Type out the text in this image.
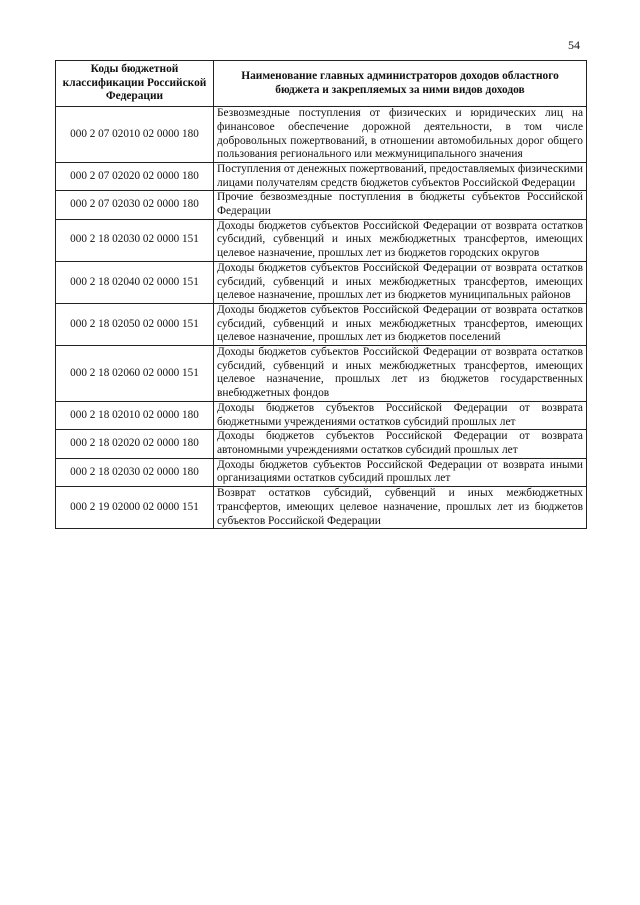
54
Коды бюджетной классификации Российской Федерации	Наименование главных администраторов доходов областного бюджета и закрепляемых за ними видов доходов
000 2 07 02010 02 0000 180	Безвозмездные поступления от физических и юридических лиц на финансовое обеспечение дорожной деятельности, в том числе добровольных пожертвований, в отношении автомобильных дорог общего пользования регионального или межмуниципального значения
000 2 07 02020 02 0000 180	Поступления от денежных пожертвований, предоставляемых физическими лицами получателям средств бюджетов субъектов Российской Федерации
000 2 07 02030 02 0000 180	Прочие безвозмездные поступления в бюджеты субъектов Российской Федерации
000 2 18 02030 02 0000 151	Доходы бюджетов субъектов Российской Федерации от возврата остатков субсидий, субвенций и иных межбюджетных трансфертов, имеющих целевое назначение, прошлых лет из бюджетов городских округов
000 2 18 02040 02 0000 151	Доходы бюджетов субъектов Российской Федерации от возврата остатков субсидий, субвенций и иных межбюджетных трансфертов, имеющих целевое назначение, прошлых лет из бюджетов муниципальных районов
000 2 18 02050 02 0000 151	Доходы бюджетов субъектов Российской Федерации от возврата остатков субсидий, субвенций и иных межбюджетных трансфертов, имеющих целевое назначение, прошлых лет из бюджетов поселений
000 2 18 02060 02 0000 151	Доходы бюджетов субъектов Российской Федерации от возврата остатков субсидий, субвенций и иных межбюджетных трансфертов, имеющих целевое назначение, прошлых лет из бюджетов государственных внебюджетных фондов
000 2 18 02010 02 0000 180	Доходы бюджетов субъектов Российской Федерации от возврата бюджетными учреждениями остатков субсидий прошлых лет
000 2 18 02020 02 0000 180	Доходы бюджетов субъектов Российской Федерации от возврата автономными учреждениями остатков субсидий прошлых лет
000 2 18 02030 02 0000 180	Доходы бюджетов субъектов Российской Федерации от возврата иными организациями остатков субсидий прошлых лет
000 2 19 02000 02 0000 151	Возврат остатков субсидий, субвенций и иных межбюджетных трансфертов, имеющих целевое назначение, прошлых лет из бюджетов субъектов Российской Федерации
